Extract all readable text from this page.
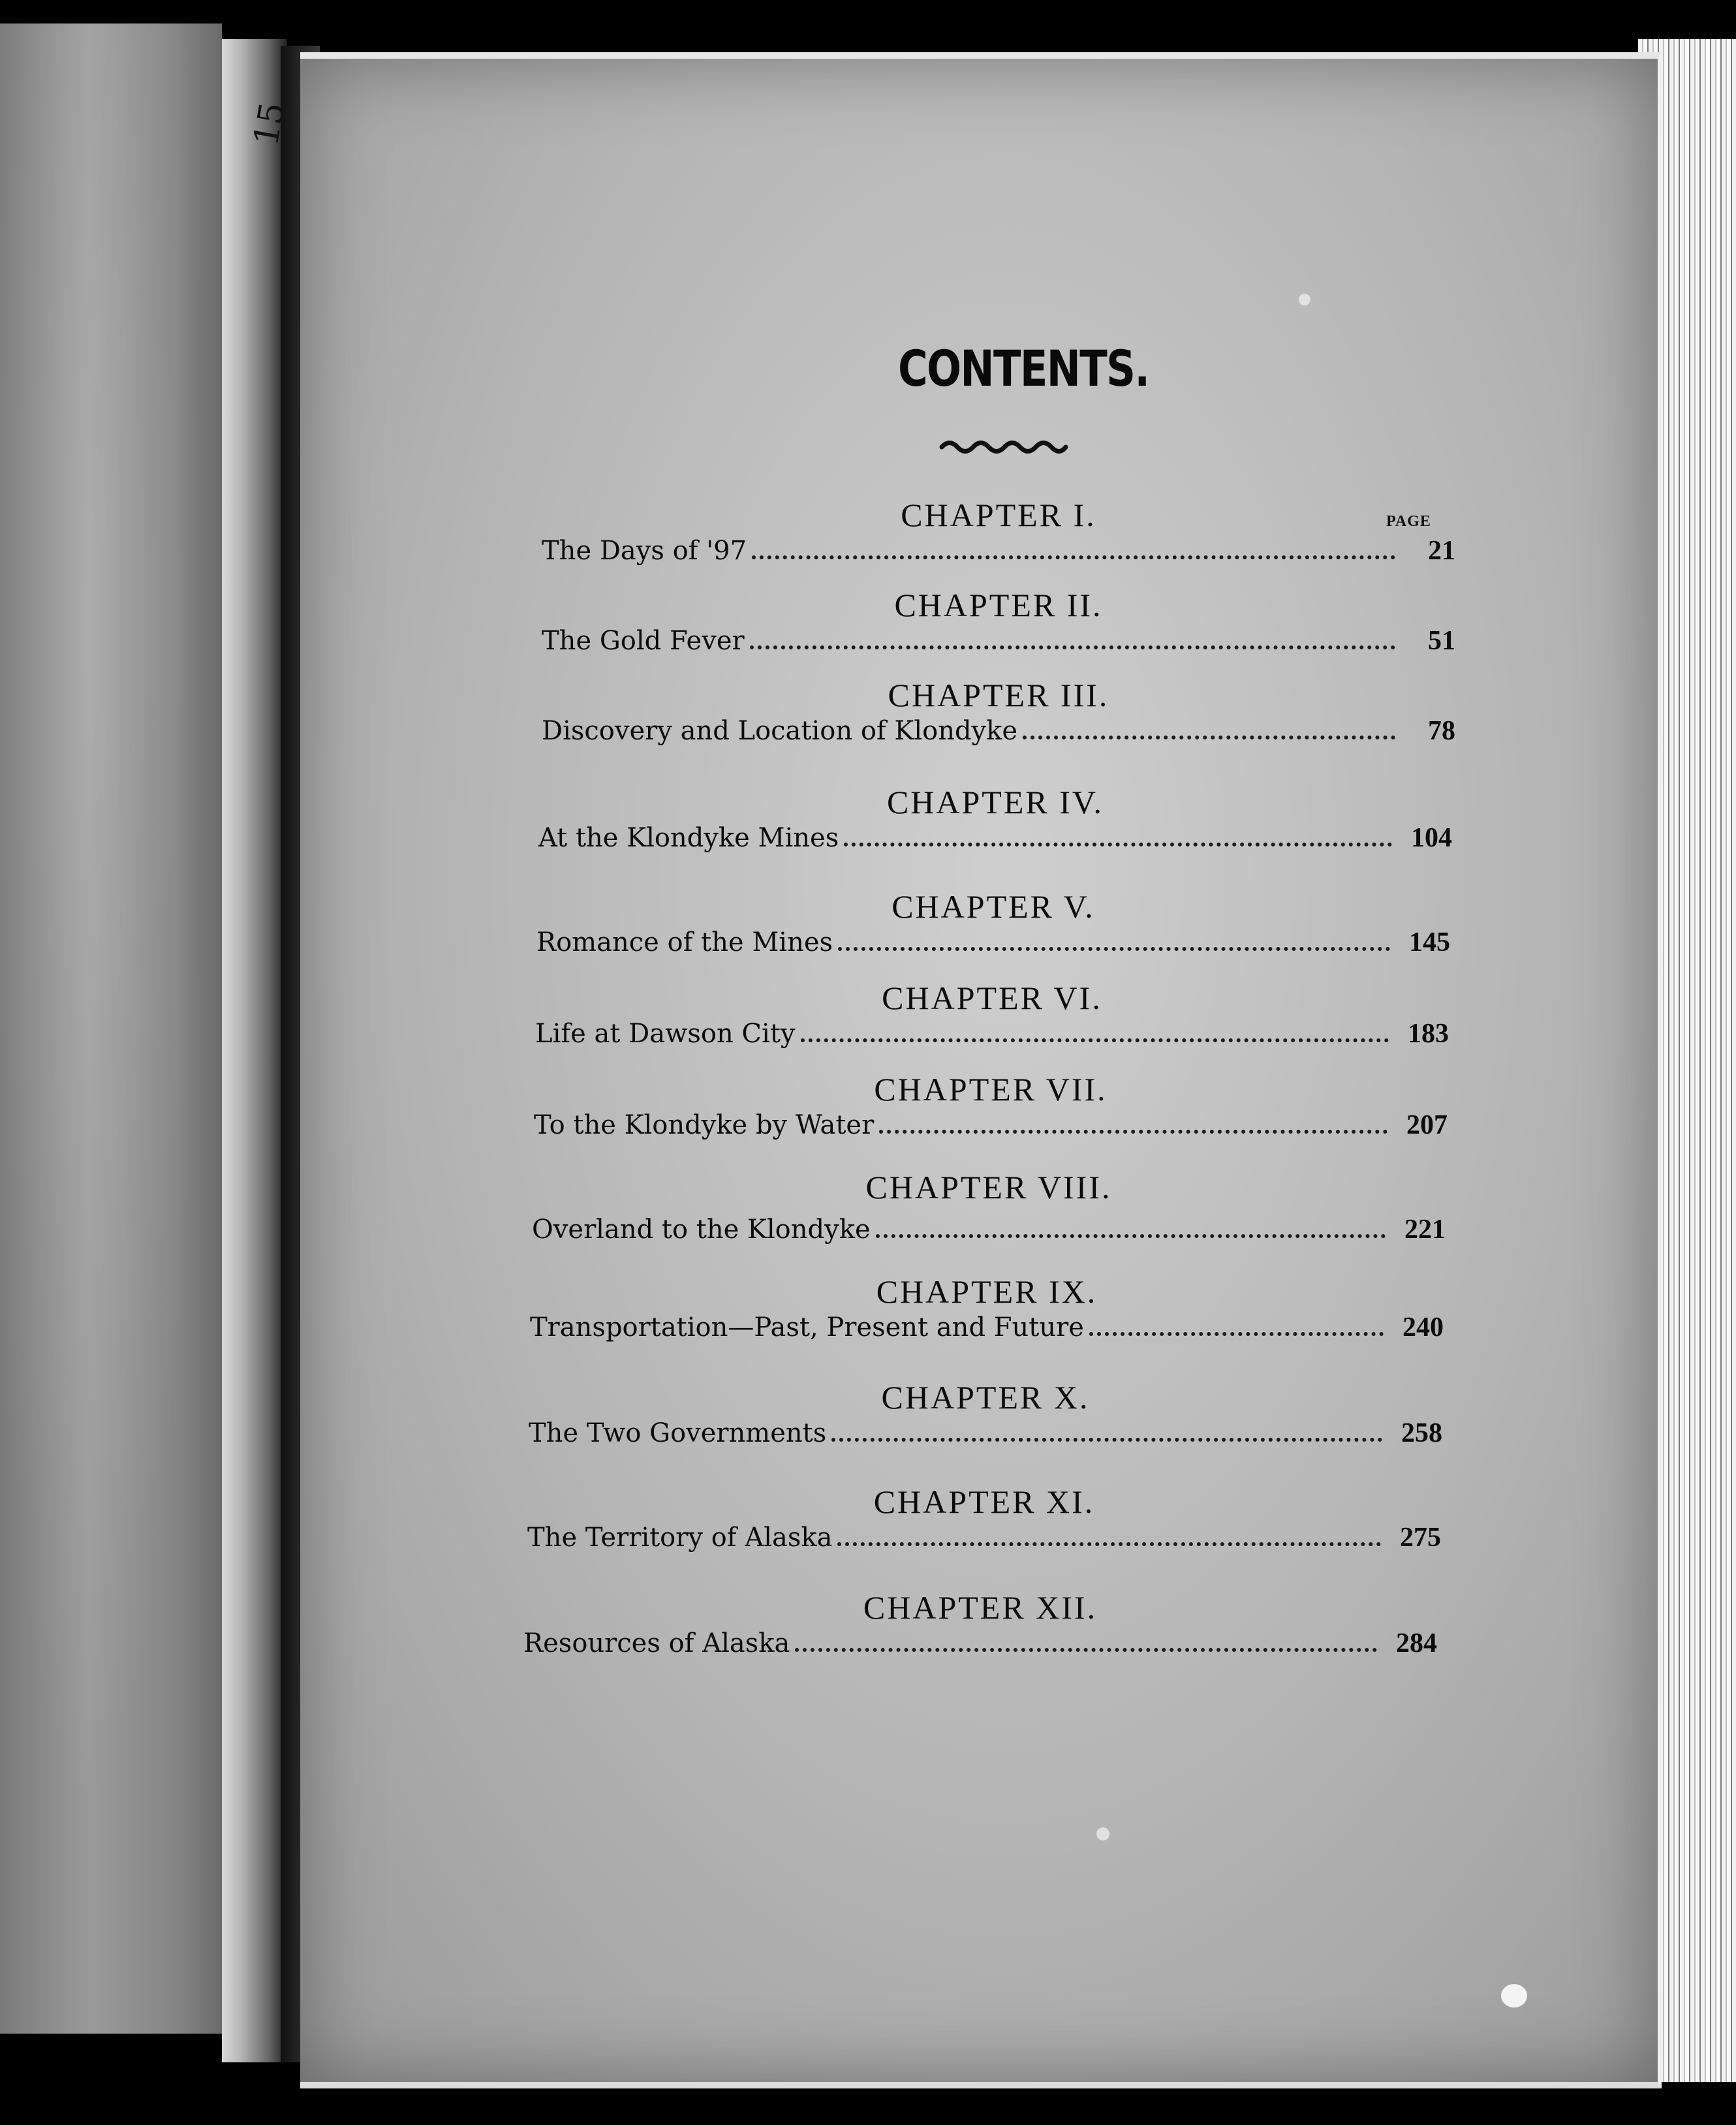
15
CONTENTS.
PAGE
CHAPTER I.
The Days of '97	21
CHAPTER II.
The Gold Fever	51
CHAPTER III.
Discovery and Location of Klondyke	78
CHAPTER IV.
At the Klondyke Mines	104
CHAPTER V.
Romance of the Mines	145
CHAPTER VI.
Life at Dawson City	183
CHAPTER VII.
To the Klondyke by Water	207
CHAPTER VIII.
Overland to the Klondyke	221
CHAPTER IX.
Transportation—Past, Present and Future	240
CHAPTER X.
The Two Governments	258
CHAPTER XI.
The Territory of Alaska	275
CHAPTER XII.
Resources of Alaska	284
